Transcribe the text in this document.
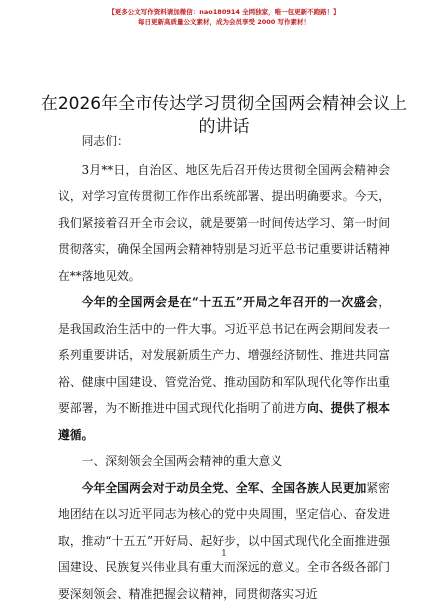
【更多公文写作资料请加微信：nao180914 全网独家，唯一包更新不跑路！】
每日更新高质量公文素材，成为会员享受 2000 写作素材！
在2026年全市传达学习贯彻全国两会精神会议上的讲话

同志们：

3月**日，自治区、地区先后召开传达贯彻全国两会精神会议，对学习宣传贯彻工作作出系统部署、提出明确要求。今天，我们紧接着召开全市会议，就是要第一时间传达学习、第一时间贯彻落实，确保全国两会精神特别是习近平总书记重要讲话精神在**落地见效。

今年的全国两会是在“十五五”开局之年召开的一次盛会，是我国政治生活中的一件大事。习近平总书记在两会期间发表一系列重要讲话，对发展新质生产力、增强经济韧性、推进共同富裕、健康中国建设、管党治党、推动国防和军队现代化等作出重要部署，为不断推进中国式现代化指明了前进方向、提供了根本遵循。

一、深刻领会全国两会精神的重大意义

今年全国两会对于动员全党、全军、全国各族人民更加紧密地团结在以习近平同志为核心的党中央周围，坚定信心、奋发进取，推动“十五五”开好局、起好步，以中国式现代化全面推进强国建设、民族复兴伟业具有重大而深远的意义。全市各级各部门要深刻领会、精准把握会议精神，同贯彻落实习近

1
